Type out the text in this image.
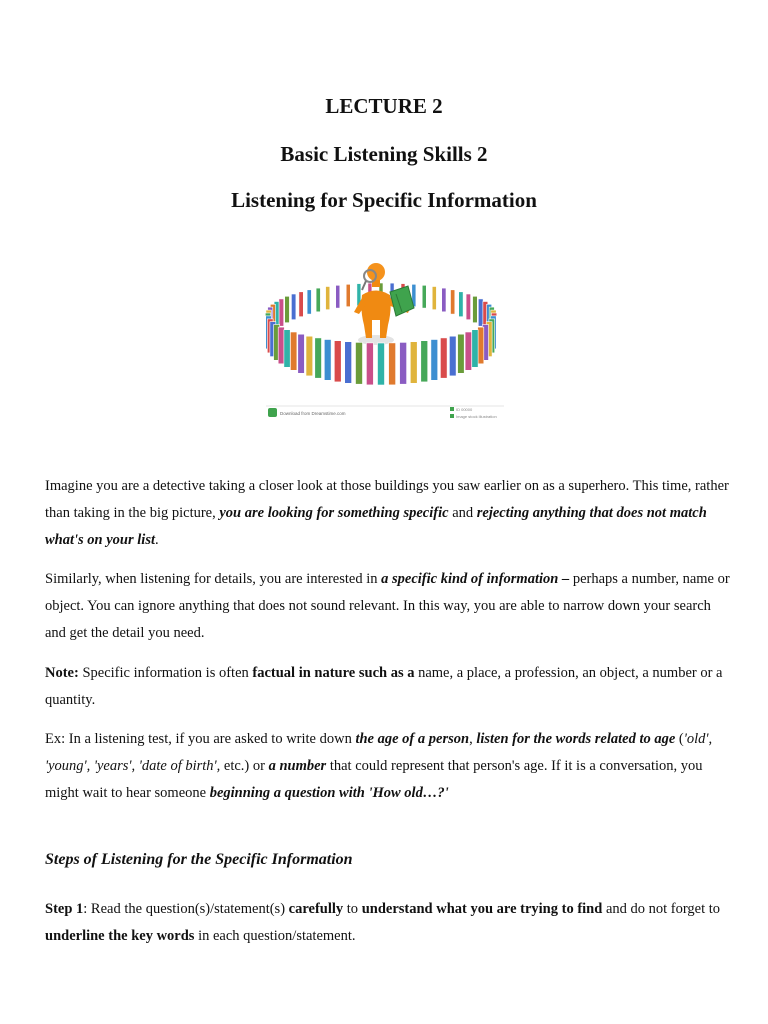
LECTURE 2
Basic Listening Skills 2
Listening for Specific Information
Download from Dreamstime.com
ID 00000
Image stock illustration

Imagine you are a detective taking a closer look at those buildings you saw earlier on as a superhero. This time, rather than taking in the big picture, you are looking for something specific and rejecting anything that does not match what's on your list.

Similarly, when listening for details, you are interested in a specific kind of information – perhaps a number, name or object. You can ignore anything that does not sound relevant. In this way, you are able to narrow down your search and get the detail you need.

Note: Specific information is often factual in nature such as a name, a place, a profession, an object, a number or a quantity.

Ex: In a listening test, if you are asked to write down the age of a person, listen for the words related to age ('old', 'young', 'years', 'date of birth', etc.) or a number that could represent that person's age. If it is a conversation, you might wait to hear someone beginning a question with 'How old…?'

Steps of Listening for the Specific Information

Step 1: Read the question(s)/statement(s) carefully to understand what you are trying to find and do not forget to underline the key words in each question/statement.
